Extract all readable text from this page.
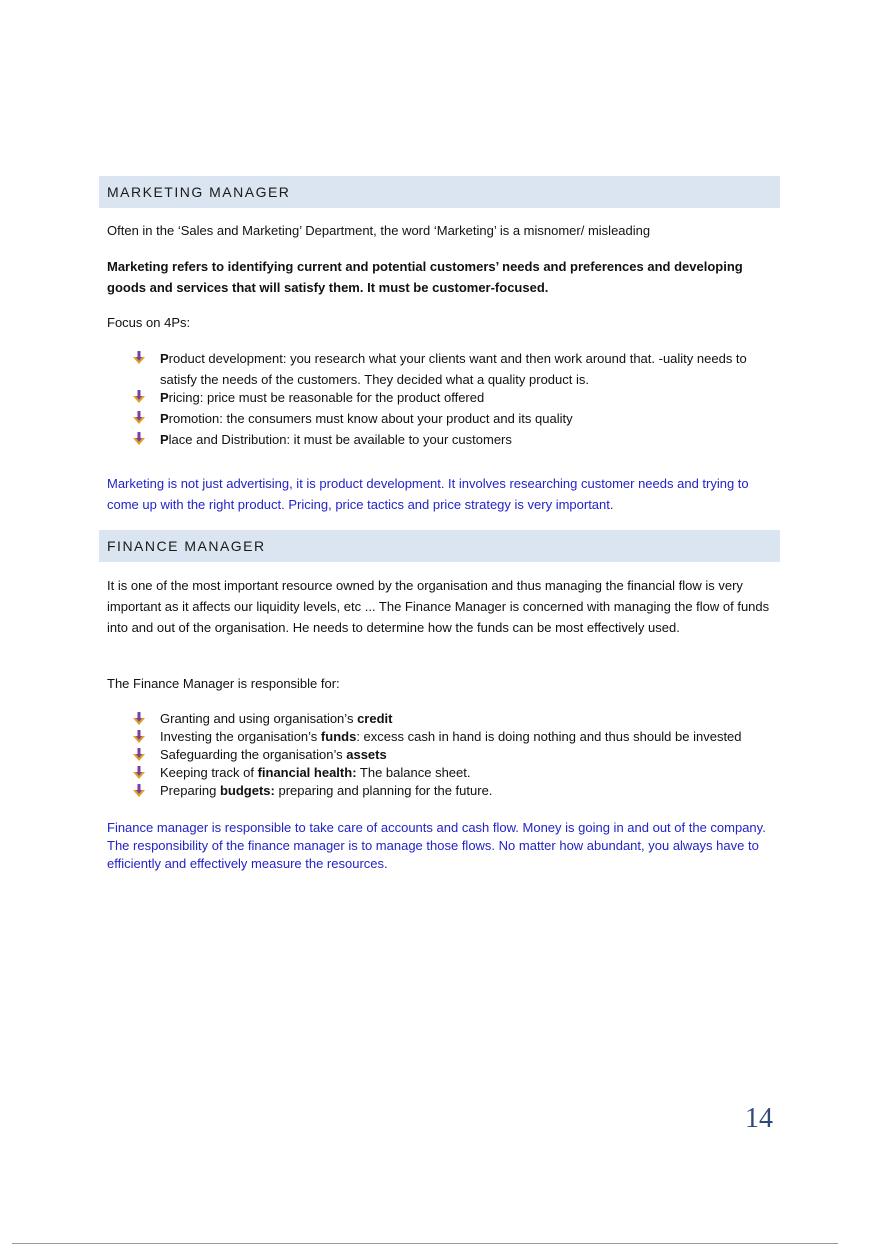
MARKETING MANAGER

Often in the ‘Sales and Marketing’ Department, the word ‘Marketing’ is a misnomer/ misleading

Marketing refers to identifying current and potential customers’ needs and preferences and developing goods and services that will satisfy them. It must be customer-focused.

Focus on 4Ps:

Product development: you research what your clients want and then work around that. -uality needs to satisfy the needs of the customers. They decided what a quality product is.
Pricing: price must be reasonable for the product offered
Promotion: the consumers must know about your product and its quality
Place and Distribution: it must be available to your customers

Marketing is not just advertising, it is product development. It involves researching customer needs and trying to come up with the right product. Pricing, price tactics and price strategy is very important.

FINANCE MANAGER

It is one of the most important resource owned by the organisation and thus managing the financial flow is very important as it affects our liquidity levels, etc ... The Finance Manager is concerned with managing the flow of funds into and out of the organisation. He needs to determine how the funds can be most effectively used.

The Finance Manager is responsible for:

Granting and using organisation’s credit
Investing the organisation’s funds: excess cash in hand is doing nothing and thus should be invested
Safeguarding the organisation’s assets
Keeping track of financial health: The balance sheet.
Preparing budgets: preparing and planning for the future.

Finance manager is responsible to take care of accounts and cash flow. Money is going in and out of the company. The responsibility of the finance manager is to manage those flows. No matter how abundant, you always have to efficiently and effectively measure the resources.

14
